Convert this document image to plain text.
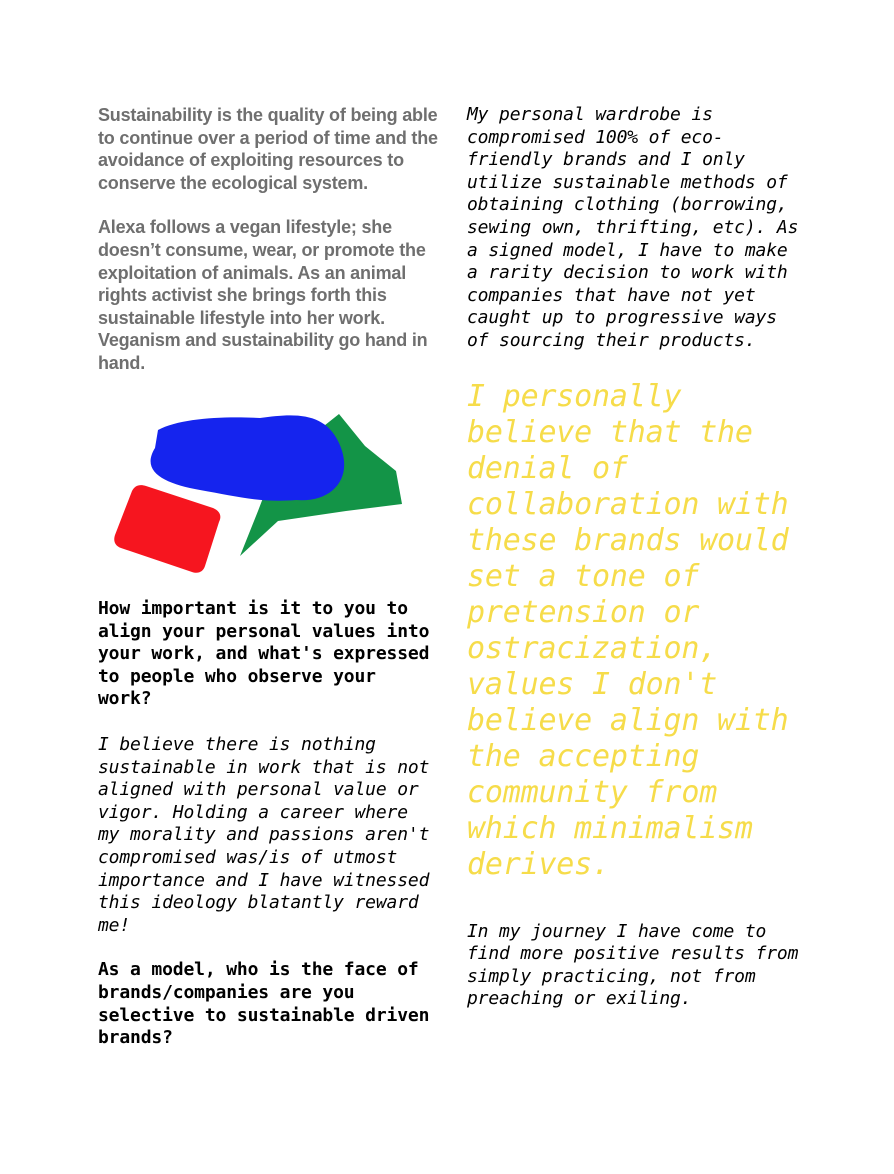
Sustainability is the quality of being able to continue over a period of time and the avoidance of exploiting resources to conserve the ecological system.

Alexa follows a vegan lifestyle; she doesn’t consume, wear, or promote the exploitation of animals. As an animal rights activist she brings forth this sustainable lifestyle into her work. Veganism and sustainability go hand in hand.

How important is it to you to align your personal values into your work, and what's expressed to people who observe your work?

I believe there is nothing sustainable in work that is not aligned with personal value or vigor. Holding a career where my morality and passions aren't compromised was/is of utmost importance and I have witnessed this ideology blatantly reward me!

As a model, who is the face of brands/companies are you selective to sustainable driven brands?

My personal wardrobe is compromised 100% of eco-friendly brands and I only utilize sustainable methods of obtaining clothing (borrowing, sewing own, thrifting, etc). As a signed model, I have to make a rarity decision to work with companies that have not yet caught up to progressive ways of sourcing their products.

I personally believe that the denial of collaboration with these brands would set a tone of pretension or ostracization, values I don't believe align with the accepting community from which minimalism derives.

In my journey I have come to find more positive results from simply practicing, not from preaching or exiling.
